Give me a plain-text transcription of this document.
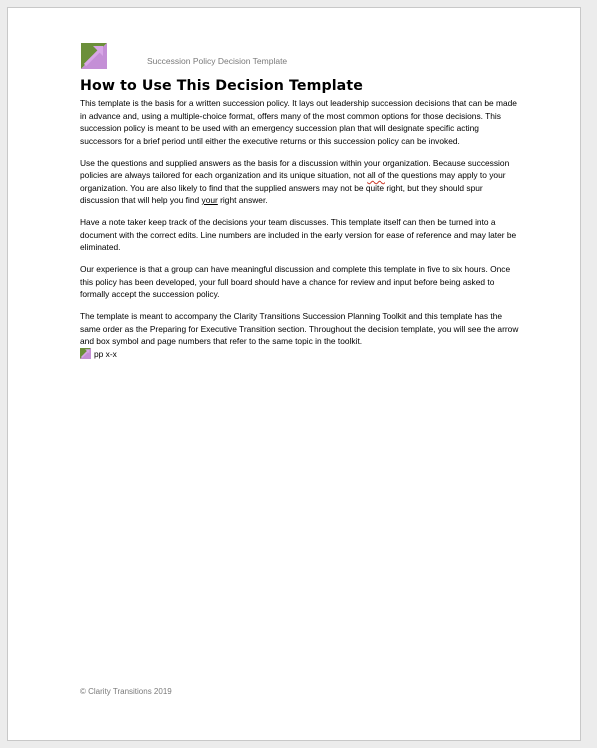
Succession Policy Decision Template
How to Use This Decision Template

This template is the basis for a written succession policy. It lays out leadership succession decisions that can be made in advance and, using a multiple-choice format, offers many of the most common options for those decisions. This succession policy is meant to be used with an emergency succession plan that will designate specific acting successors for a brief period until either the executive returns or this succession policy can be invoked.

Use the questions and supplied answers as the basis for a discussion within your organization. Because succession policies are always tailored for each organization and its unique situation, not all of the questions may apply to your organization. You are also likely to find that the supplied answers may not be quite right, but they should spur discussion that will help you find your right answer.

Have a note taker keep track of the decisions your team discusses. This template itself can then be turned into a document with the correct edits. Line numbers are included in the early version for ease of reference and may later be eliminated.

Our experience is that a group can have meaningful discussion and complete this template in five to six hours. Once this policy has been developed, your full board should have a chance for review and input before being asked to formally accept the succession policy.

The template is meant to accompany the Clarity Transitions Succession Planning Toolkit and this template has the same order as the Preparing for Executive Transition section. Throughout the decision template, you will see the arrow and box symbol and page numbers that refer to the same topic in the toolkit.

pp x-x
© Clarity Transitions 2019
